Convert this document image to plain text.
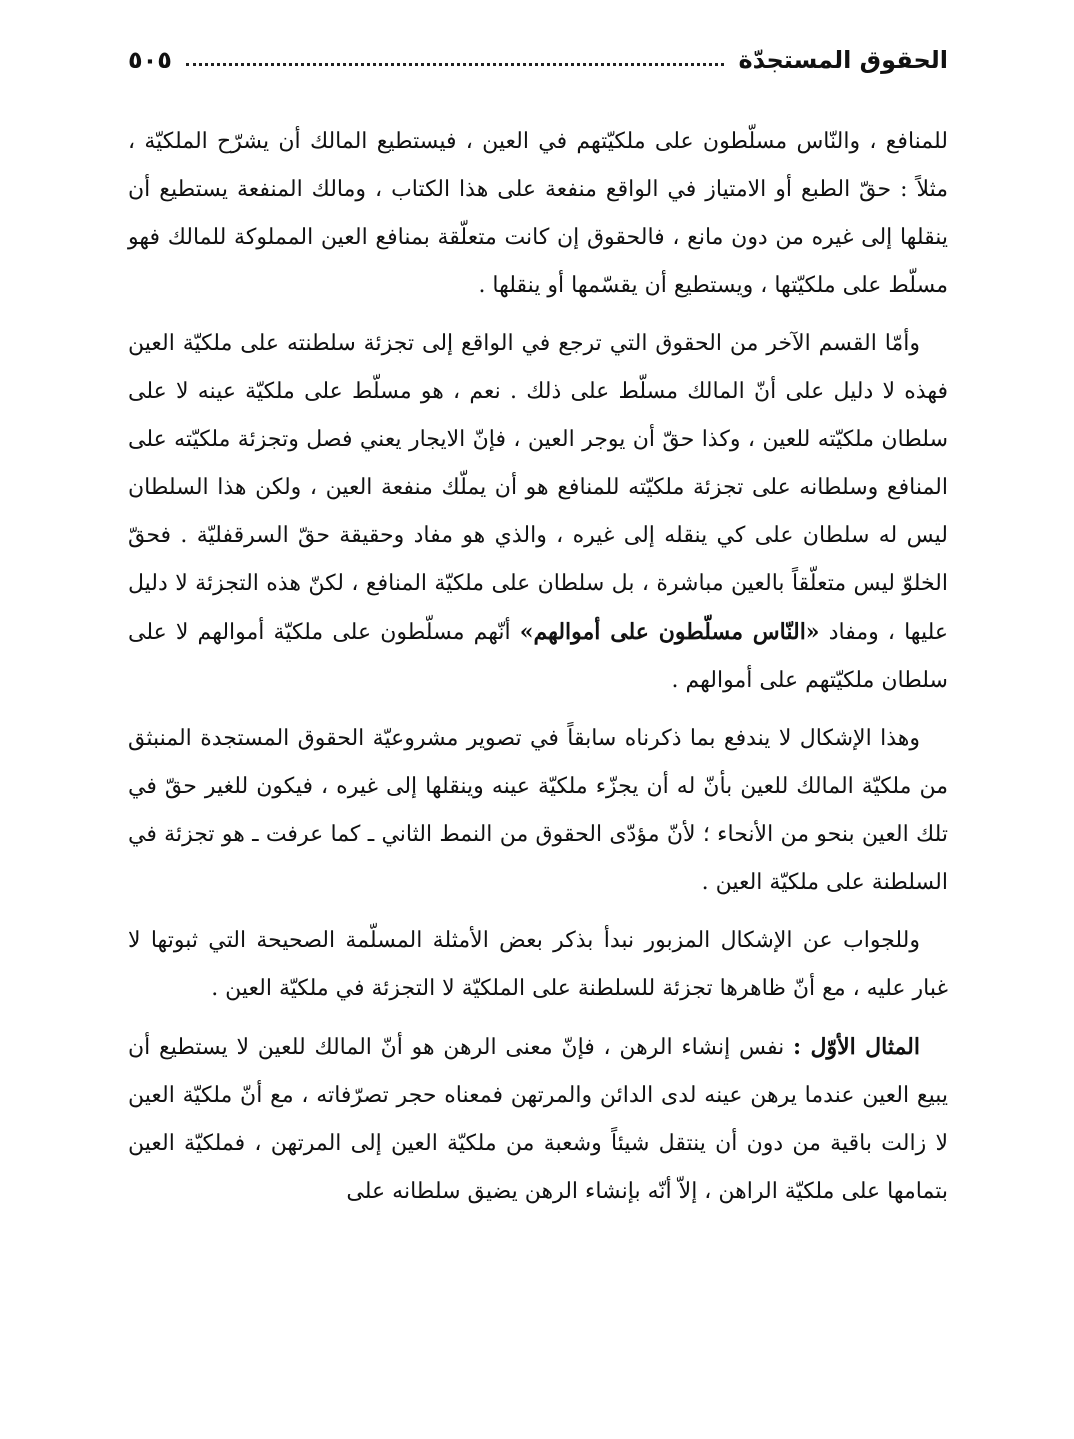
الحقوق المستجدّة
٥٠٥

للمنافع ، والنّاس مسلّطون على ملكيّتهم في العين ، فيستطيع المالك أن يشرّح الملكيّة ، مثلاً : حقّ الطبع أو الامتياز في الواقع منفعة على هذا الكتاب ، ومالك المنفعة يستطيع أن ينقلها إلى غيره من دون مانع ، فالحقوق إن كانت متعلّقة بمنافع العين المملوكة للمالك فهو مسلّط على ملكيّتها ، ويستطيع أن يقسّمها أو ينقلها .

وأمّا القسم الآخر من الحقوق التي ترجع في الواقع إلى تجزئة سلطنته على ملكيّة العين فهذه لا دليل على أنّ المالك مسلّط على ذلك . نعم ، هو مسلّط على ملكيّة عينه لا على سلطان ملكيّته للعين ، وكذا حقّ أن يوجر العين ، فإنّ الايجار يعني فصل وتجزئة ملكيّته على المنافع وسلطانه على تجزئة ملكيّته للمنافع هو أن يملّك منفعة العين ، ولكن هذا السلطان ليس له سلطان على كي ينقله إلى غيره ، والذي هو مفاد وحقيقة حقّ السرقفليّة . فحقّ الخلوّ ليس متعلّقاً بالعين مباشرة ، بل سلطان على ملكيّة المنافع ، لكنّ هذه التجزئة لا دليل عليها ، ومفاد «النّاس مسلّطون على أموالهم» أنّهم مسلّطون على ملكيّة أموالهم لا على سلطان ملكيّتهم على أموالهم .

وهذا الإشكال لا يندفع بما ذكرناه سابقاً في تصوير مشروعيّة الحقوق المستجدة المنبثق من ملكيّة المالك للعين بأنّ له أن يجزّء ملكيّة عينه وينقلها إلى غيره ، فيكون للغير حقّ في تلك العين بنحو من الأنحاء ؛ لأنّ مؤدّى الحقوق من النمط الثاني ـ كما عرفت ـ هو تجزئة في السلطنة على ملكيّة العين .

وللجواب عن الإشكال المزبور نبدأ بذكر بعض الأمثلة المسلّمة الصحيحة التي ثبوتها لا غبار عليه ، مع أنّ ظاهرها تجزئة للسلطنة على الملكيّة لا التجزئة في ملكيّة العين .

المثال الأوّل : نفس إنشاء الرهن ، فإنّ معنى الرهن هو أنّ المالك للعين لا يستطيع أن يبيع العين عندما يرهن عينه لدى الدائن والمرتهن فمعناه حجر تصرّفاته ، مع أنّ ملكيّة العين لا زالت باقية من دون أن ينتقل شيئاً وشعبة من ملكيّة العين إلى المرتهن ، فملكيّة العين بتمامها على ملكيّة الراهن ، إلاّ أنّه بإنشاء الرهن يضيق سلطانه على
